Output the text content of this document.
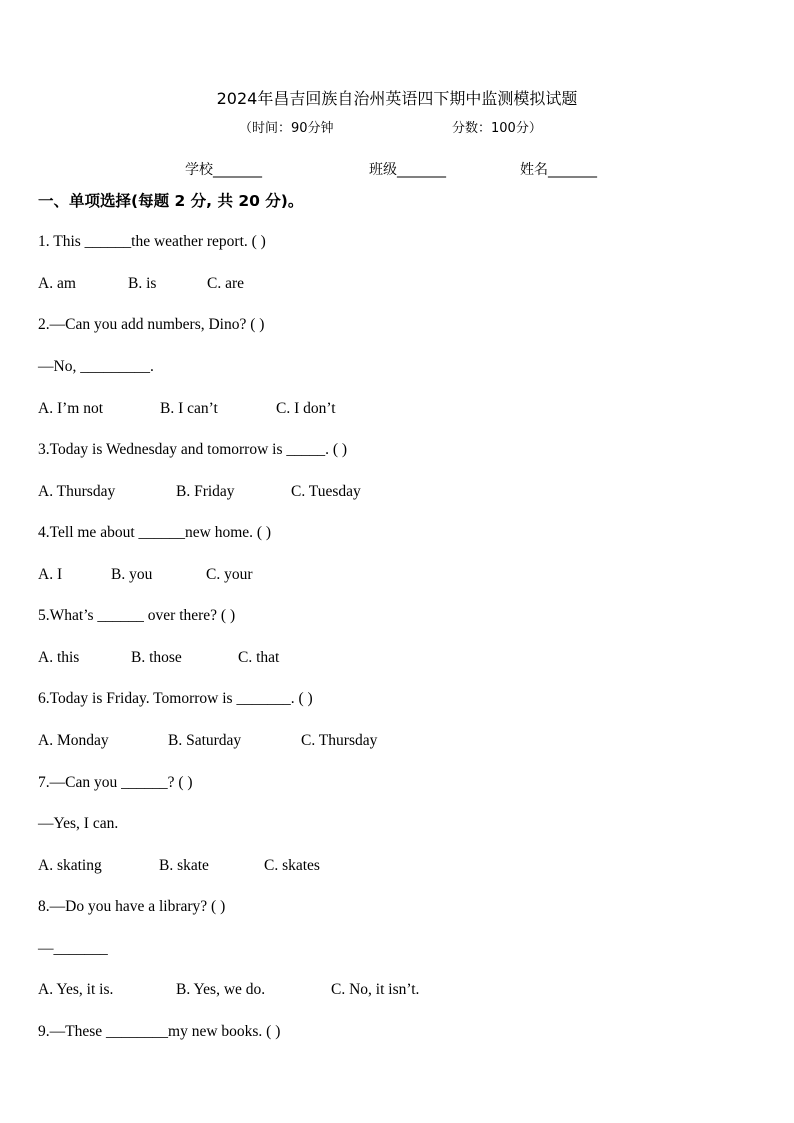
2024年昌吉回族自治州英语四下期中监测模拟试题
（时间：90分钟	分数：100分）
学校_______	班级_______	姓名_______
一、单项选择(每题 2 分, 共 20 分)。
1. This ______the weather report. ( )
A. am	B. is	C. are
2.—Can you add numbers, Dino? ( )
—No, _________.
A. I’m not	B. I can’t	C. I don’t
3.Today is Wednesday and tomorrow is _____. ( )
A. Thursday	B. Friday	C. Tuesday
4.Tell me about ______new home. ( )
A. I	B. you	C. your
5.What’s ______ over there? ( )
A. this	B. those	C. that
6.Today is Friday. Tomorrow is _______. ( )
A. Monday	B. Saturday	C. Thursday
7.—Can you ______? ( )
—Yes, I can.
A. skating	B. skate	C. skates
8.—Do you have a library? ( )
—_______
A. Yes, it is.	B. Yes, we do.	C. No, it isn’t.
9.—These ________my new books. ( )
